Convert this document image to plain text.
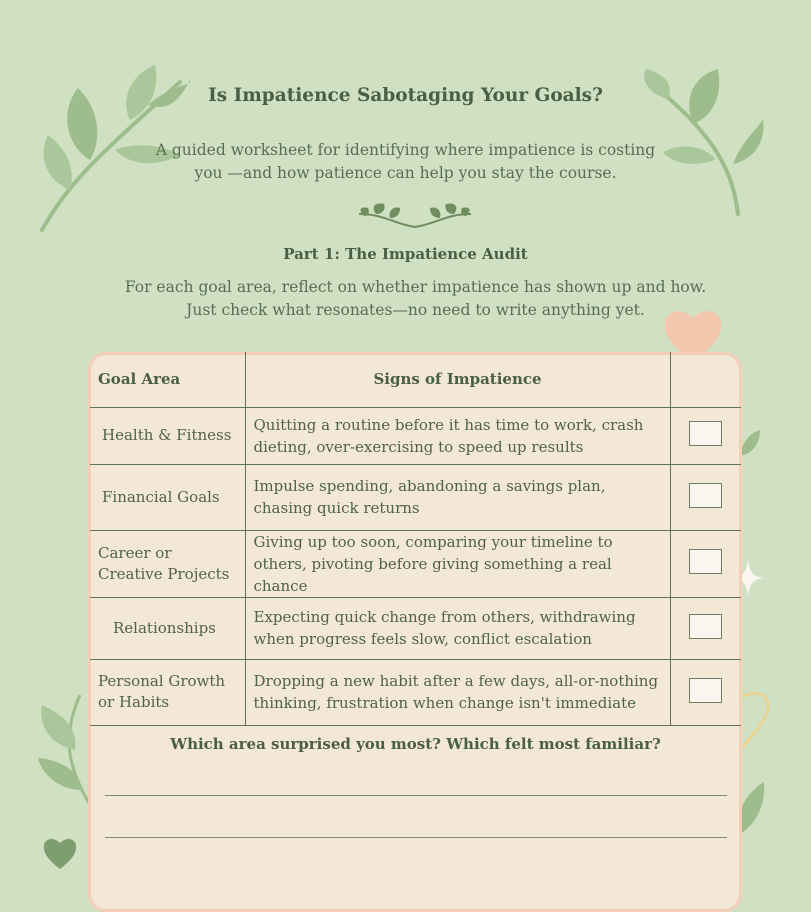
Is Impatience Sabotaging Your Goals?
A guided worksheet for identifying where impatience is costing you —and how patience can help you stay the course.
Part 1: The Impatience Audit
For each goal area, reflect on whether impatience has shown up and how. Just check what resonates—no need to write anything yet.
Goal Area	Signs of Impatience	
Health & Fitness	Quitting a routine before it has time to work, crash dieting, over-exercising to speed up results	
Financial Goals	Impulse spending, abandoning a savings plan, chasing quick returns	
Career or Creative Projects	Giving up too soon, comparing your timeline to others, pivoting before giving something a real chance	
Relationships	Expecting quick change from others, withdrawing when progress feels slow, conflict escalation	
Personal Growth or Habits	Dropping a new habit after a few days, all-or-nothing thinking, frustration when change isn't immediate	
Which area surprised you most? Which felt most familiar?
